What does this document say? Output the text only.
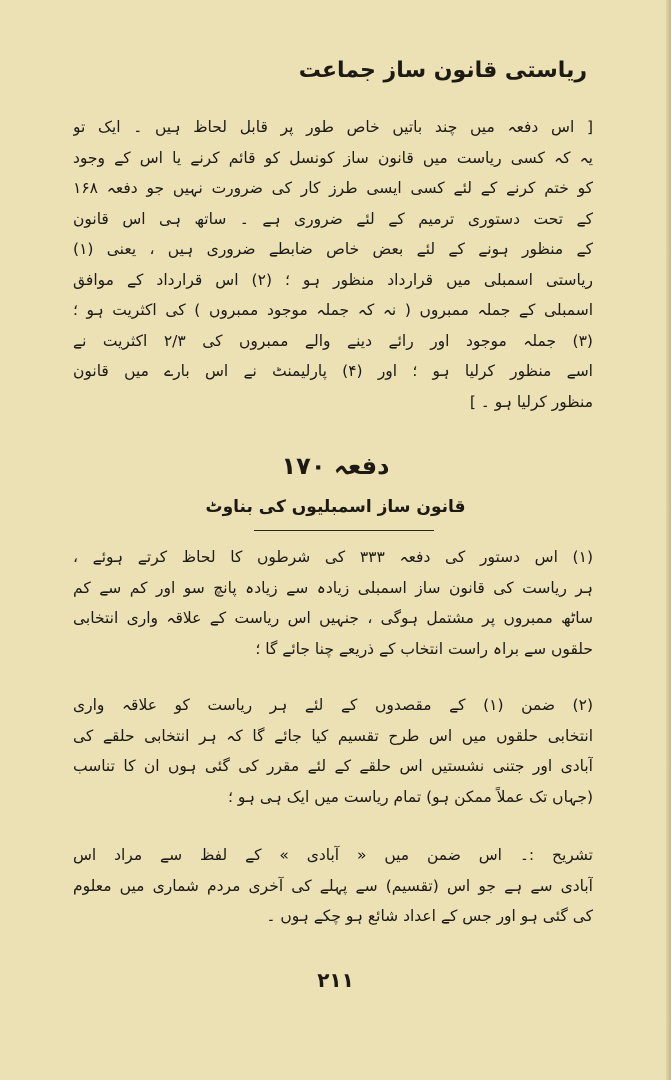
ریاستی قانون ساز جماعت
[ اس دفعہ میں چند باتیں خاص طور پر قابل لحاظ ہیں ۔ ایک تو
یہ کہ کسی ریاست میں قانون ساز کونسل کو قائم کرنے یا اس کے وجود
کو ختم کرنے کے لئے کسی ایسی طرز کار کی ضرورت نہیں جو دفعہ ۱۶۸
کے تحت دستوری ترمیم کے لئے ضروری ہے ۔ ساتھ ہی اس قانون
کے منظور ہونے کے لئے بعض خاص ضابطے ضروری ہیں ، یعنی (۱)
ریاستی اسمبلی میں قرارداد منظور ہو ؛ (۲) اس قرارداد کے موافق
اسمبلی کے جملہ ممبروں ( نہ کہ جملہ موجود ممبروں ) کی اکثریت ہو ؛
(۳) جملہ موجود اور رائے دینے والے ممبروں کی ۲/۳ اکثریت نے
اسے منظور کرلیا ہو ؛ اور (۴) پارلیمنٹ نے اس بارے میں قانون
منظور کرلیا ہو ۔ ]
دفعہ ۱۷۰
قانون ساز اسمبلیوں کی بناوٹ
(۱) اس دستور کی دفعہ ۳۳۳ کی شرطوں کا لحاظ کرتے ہوئے ،
ہر ریاست کی قانون ساز اسمبلی زیادہ سے زیادہ پانچ سو اور کم سے کم
ساٹھ ممبروں پر مشتمل ہوگی ، جنہیں اس ریاست کے علاقہ واری انتخابی
حلقوں سے براہ راست انتخاب کے ذریعے چنا جائے گا ؛
(۲) ضمن (۱) کے مقصدوں کے لئے ہر ریاست کو علاقہ واری
انتخابی حلقوں میں اس طرح تقسیم کیا جائے گا کہ ہر انتخابی حلقے کی
آبادی اور جتنی نشستیں اس حلقے کے لئے مقرر کی گئی ہوں ان کا تناسب
(جہاں تک عملاً ممکن ہو) تمام ریاست میں ایک ہی ہو ؛
تشریح :۔ اس ضمن میں « آبادی » کے لفظ سے مراد اس
آبادی سے ہے جو اس (تقسیم) سے پہلے کی آخری مردم شماری میں معلوم
کی گئی ہو اور جس کے اعداد شائع ہو چکے ہوں ۔
۲۱۱
